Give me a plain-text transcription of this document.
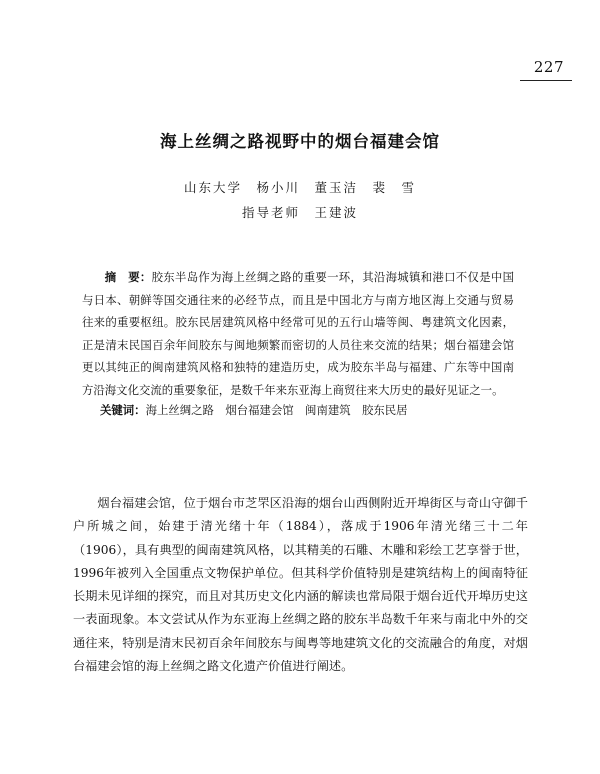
227
海上丝绸之路视野中的烟台福建会馆
山东大学　杨小川　董玉洁　裴　雪
指导老师　王建波
摘　要：胶东半岛作为海上丝绸之路的重要一环，其沿海城镇和港口不仅是中国与日本、朝鲜等国交通往来的必经节点，而且是中国北方与南方地区海上交通与贸易往来的重要枢纽。胶东民居建筑风格中经常可见的五行山墙等闽、粤建筑文化因素，正是清末民国百余年间胶东与闽地频繁而密切的人员往来交流的结果；烟台福建会馆更以其纯正的闽南建筑风格和独特的建造历史，成为胶东半岛与福建、广东等中国南方沿海文化交流的重要象征，是数千年来东亚海上商贸往来大历史的最好见证之一。
关键词：海上丝绸之路　烟台福建会馆　闽南建筑　胶东民居
烟台福建会馆，位于烟台市芝罘区沿海的烟台山西侧附近开埠街区与奇山守御千户所城之间，始建于清光绪十年（1884），落成于1906年清光绪三十二年（1906），具有典型的闽南建筑风格，以其精美的石雕、木雕和彩绘工艺享誉于世，1996年被列入全国重点文物保护单位。但其科学价值特别是建筑结构上的闽南特征长期未见详细的探究，而且对其历史文化内涵的解读也常局限于烟台近代开埠历史这一表面现象。本文尝试从作为东亚海上丝绸之路的胶东半岛数千年来与南北中外的交通往来，特别是清末民初百余年间胶东与闽粤等地建筑文化的交流融合的角度，对烟台福建会馆的海上丝绸之路文化遗产价值进行阐述。
